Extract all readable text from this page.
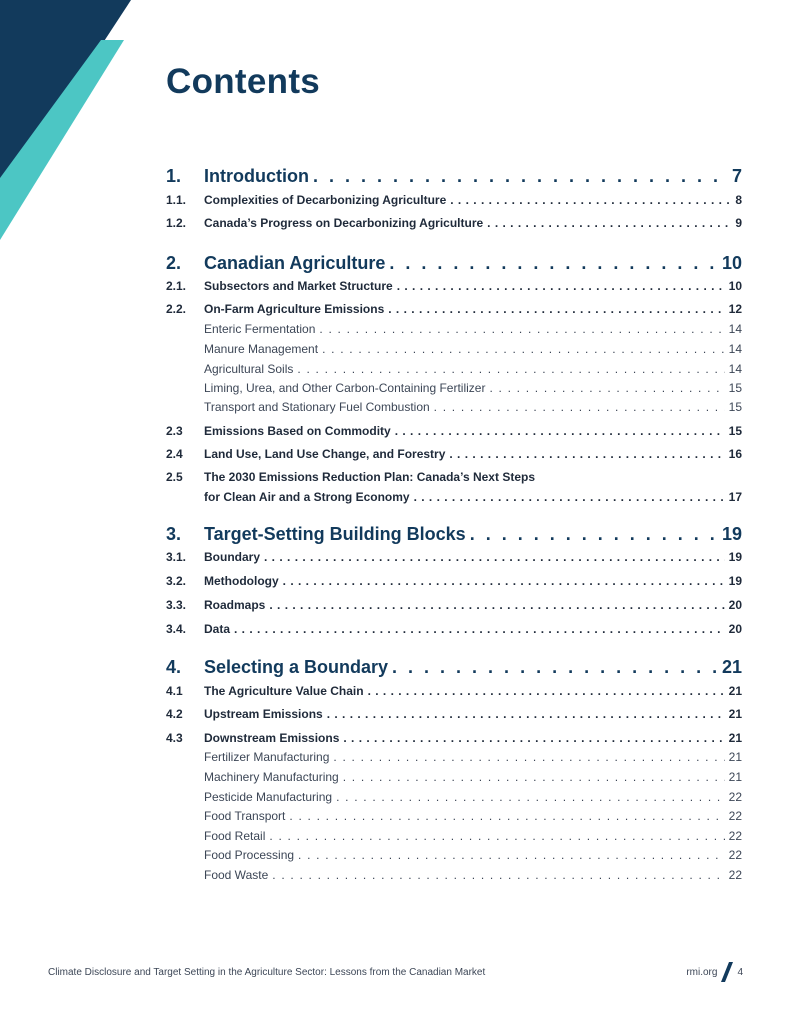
Contents
1.	Introduction . . .	7
1.1.	Complexities of Decarbonizing Agriculture . . .	8
1.2.	Canada’s Progress on Decarbonizing Agriculture . . .	9
2.	Canadian Agriculture . . .	10
2.1.	Subsectors and Market Structure . . .	10
2.2.	On-Farm Agriculture Emissions . . .	12
Enteric Fermentation . . .	14
Manure Management . . .	14
Agricultural Soils . . .	14
Liming, Urea, and Other Carbon-Containing Fertilizer . . .	15
Transport and Stationary Fuel Combustion . . .	15
2.3	Emissions Based on Commodity . . .	15
2.4	Land Use, Land Use Change, and Forestry . . .	16
2.5	The 2030 Emissions Reduction Plan: Canada’s Next Steps
for Clean Air and a Strong Economy . . .	17
3.	Target-Setting Building Blocks . . .	19
3.1.	Boundary . . .	19
3.2.	Methodology . . .	19
3.3.	Roadmaps . . .	20
3.4.	Data . . .	20
4.	Selecting a Boundary . . .	21
4.1	The Agriculture Value Chain . . .	21
4.2	Upstream Emissions . . .	21
4.3	Downstream Emissions . . .	21
Fertilizer Manufacturing . . .	21
Machinery Manufacturing . . .	21
Pesticide Manufacturing . . .	22
Food Transport . . .	22
Food Retail . . .	22
Food Processing . . .	22
Food Waste . . .	22
Climate Disclosure and Target Setting in the Agriculture Sector: Lessons from the Canadian Market	rmi.org 4
